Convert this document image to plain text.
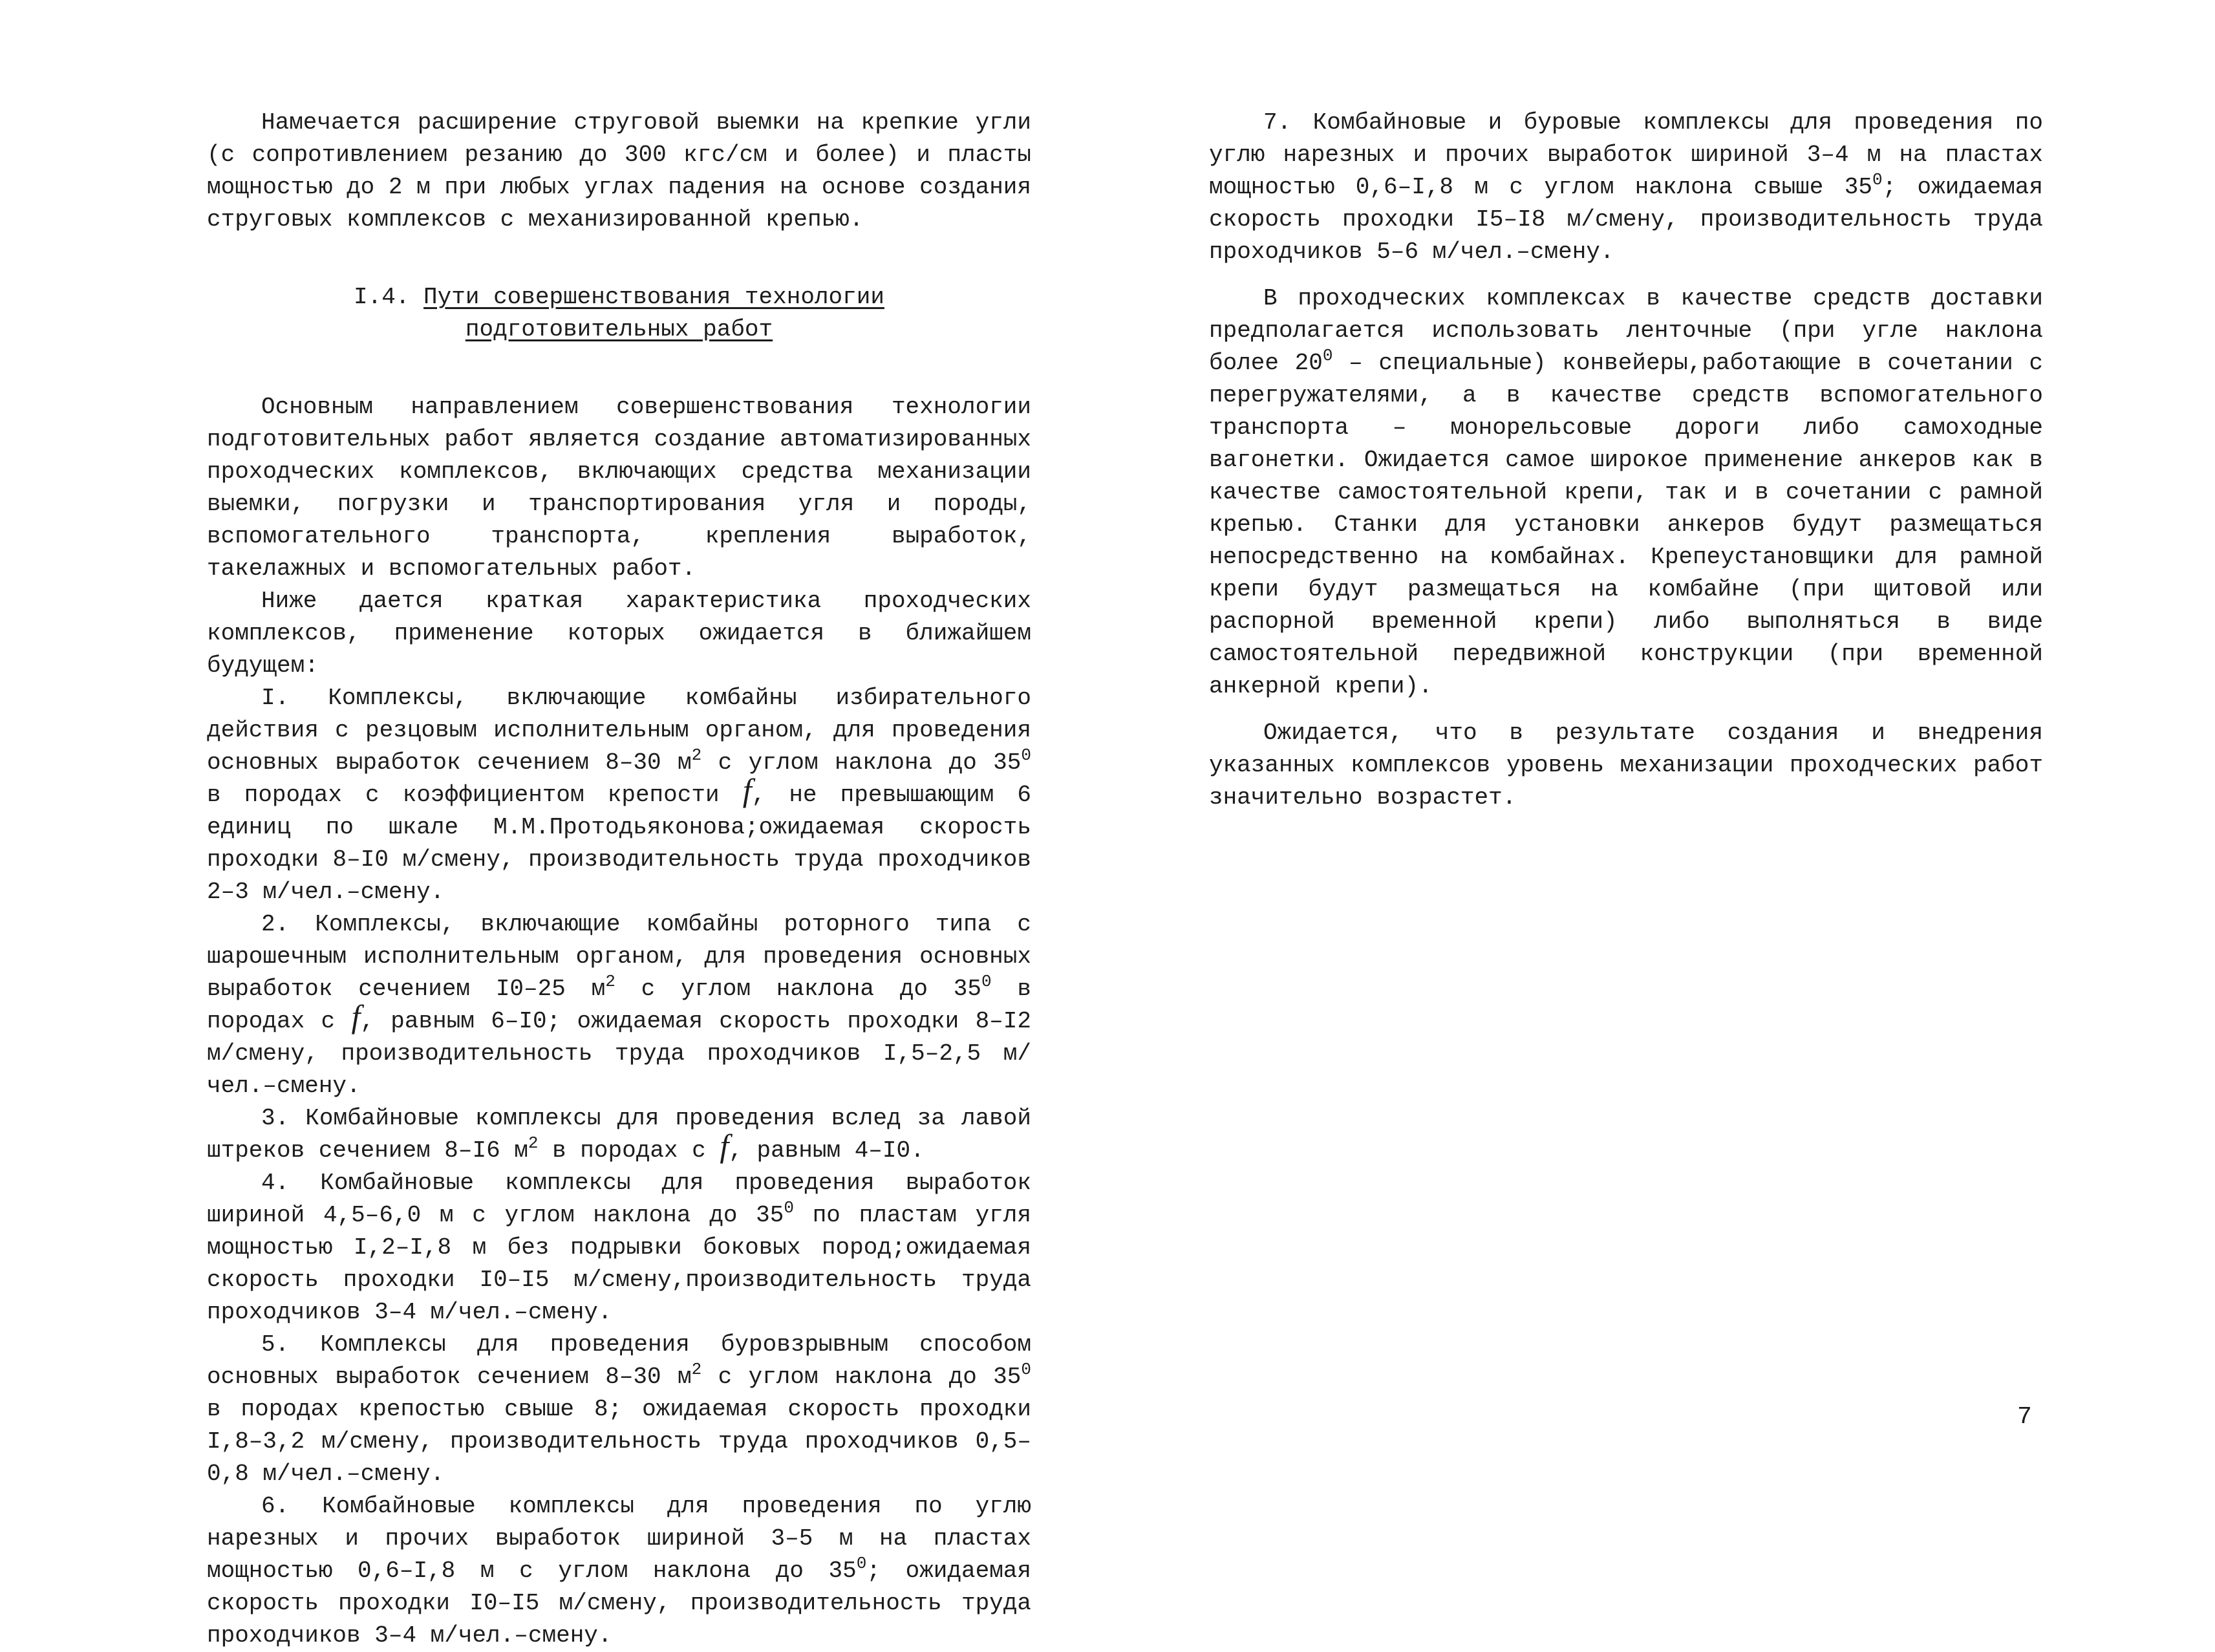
Намечается расширение струговой выемки на крепкие угли (с сопротивлением резанию до 300 кгс/см и более) и пласты мощностью до 2 м при любых углах падения на основе создания струговых комплексов с механизированной крепью.

I.4. Пути совершенствования технологии
подготовительных работ

Основным направлением совершенствования технологии подготовительных работ является создание автоматизированных проходческих комплексов, включающих средства механизации выемки, погрузки и транспортирования угля и породы, вспомогательного транспорта, крепления выработок, такелажных и вспомогательных работ.

Ниже дается краткая характеристика проходческих комплексов, применение которых ожидается в ближайшем будущем:

I. Комплексы, включающие комбайны избирательного действия с резцовым исполнительным органом, для проведения основных выработок сечением 8–30 $м^2$ с углом наклона до $35^0$ в породах с коэффициентом крепости f, не превышающим 6 единиц по шкале М.М.Протодьяконова;ожидаемая скорость проходки 8–I0 м/смену, производительность труда проходчиков 2–3 м/чел.–смену.

2. Комплексы, включающие комбайны роторного типа с шарошечным исполнительным органом, для проведения основных выработок сечением I0–25 $м^2$ с углом наклона до $35^0$ в породах с f, равным 6–I0; ожидаемая скорость проходки 8–I2 м/смену, производительность труда проходчиков I,5–2,5 м/чел.–смену.

3. Комбайновые комплексы для проведения вслед за лавой штреков сечением 8–I6 $м^2$ в породах с f, равным 4–I0.

4. Комбайновые комплексы для проведения выработок шириной 4,5–6,0 м с углом наклона до $35^0$ по пластам угля мощностью I,2–I,8 м без подрывки боковых пород;ожидаемая скорость проходки I0–I5 м/смену,производительность труда проходчиков 3–4 м/чел.–смену.

5. Комплексы для проведения буровзрывным способом основных выработок сечением 8–30 $м^2$ с углом наклона до $35^0$ в породах крепостью свыше 8; ожидаемая скорость проходки I,8–3,2 м/смену, производительность труда проходчиков 0,5–0,8 м/чел.–смену.

6. Комбайновые комплексы для проведения по углю нарезных и прочих выработок шириной 3–5 м на пластах мощностью 0,6–I,8 м с углом наклона до $35^0$; ожидаемая скорость проходки I0–I5 м/смену, производительность труда проходчиков 3–4 м/чел.–смену.

7. Комбайновые и буровые комплексы для проведения по углю нарезных и прочих выработок шириной 3–4 м на пластах мощностью 0,6–I,8 м с углом наклона свыше $35^0$; ожидаемая скорость проходки I5–I8 м/смену, производительность труда проходчиков 5–6 м/чел.–смену.

В проходческих комплексах в качестве средств доставки предполагается использовать ленточные (при угле наклона более $20^0$ – специальные) конвейеры,работающие в сочетании с перегружателями, а в качестве средств вспомогательного транспорта – монорельсовые дороги либо самоходные вагонетки. Ожидается самое широкое применение анкеров как в качестве самостоятельной крепи, так и в сочетании с рамной крепью. Станки для установки анкеров будут размещаться непосредственно на комбайнах. Крепеустановщики для рамной крепи будут размещаться на комбайне (при щитовой или распорной временной крепи) либо выполняться в виде самостоятельной передвижной конструкции (при временной анкерной крепи).

Ожидается, что в результате создания и внедрения указанных комплексов уровень механизации проходческих работ значительно возрастет.

7
